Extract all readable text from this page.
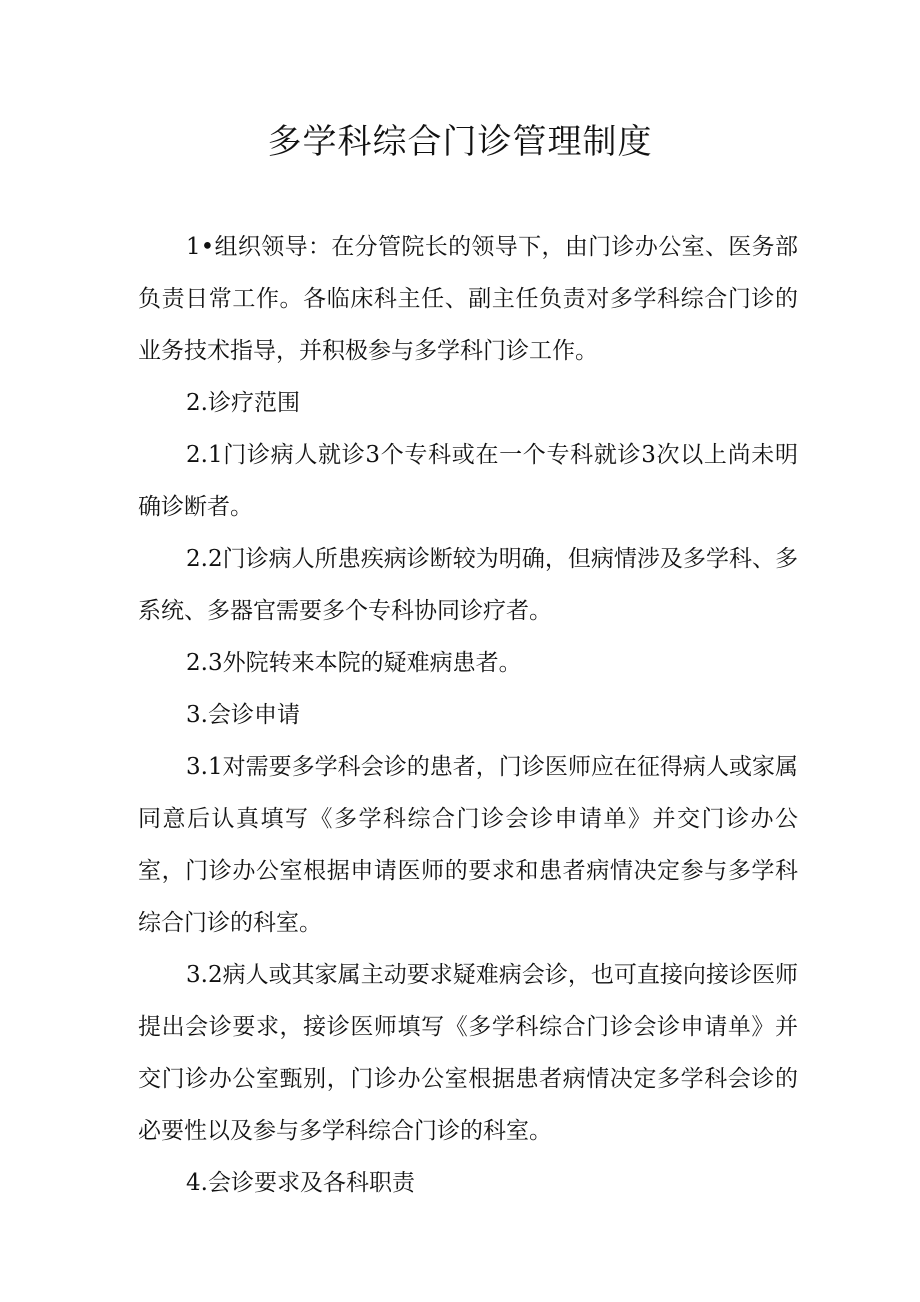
多学科综合门诊管理制度

1•组织领导：在分管院长的领导下，由门诊办公室、医务部负责日常工作。各临床科主任、副主任负责对多学科综合门诊的业务技术指导，并积极参与多学科门诊工作。

2.诊疗范围

2.1门诊病人就诊3个专科或在一个专科就诊3次以上尚未明确诊断者。

2.2门诊病人所患疾病诊断较为明确，但病情涉及多学科、多系统、多器官需要多个专科协同诊疗者。

2.3外院转来本院的疑难病患者。

3.会诊申请

3.1对需要多学科会诊的患者，门诊医师应在征得病人或家属同意后认真填写《多学科综合门诊会诊申请单》并交门诊办公室，门诊办公室根据申请医师的要求和患者病情决定参与多学科综合门诊的科室。

3.2病人或其家属主动要求疑难病会诊，也可直接向接诊医师提出会诊要求，接诊医师填写《多学科综合门诊会诊申请单》并交门诊办公室甄别，门诊办公室根据患者病情决定多学科会诊的必要性以及参与多学科综合门诊的科室。

4.会诊要求及各科职责
